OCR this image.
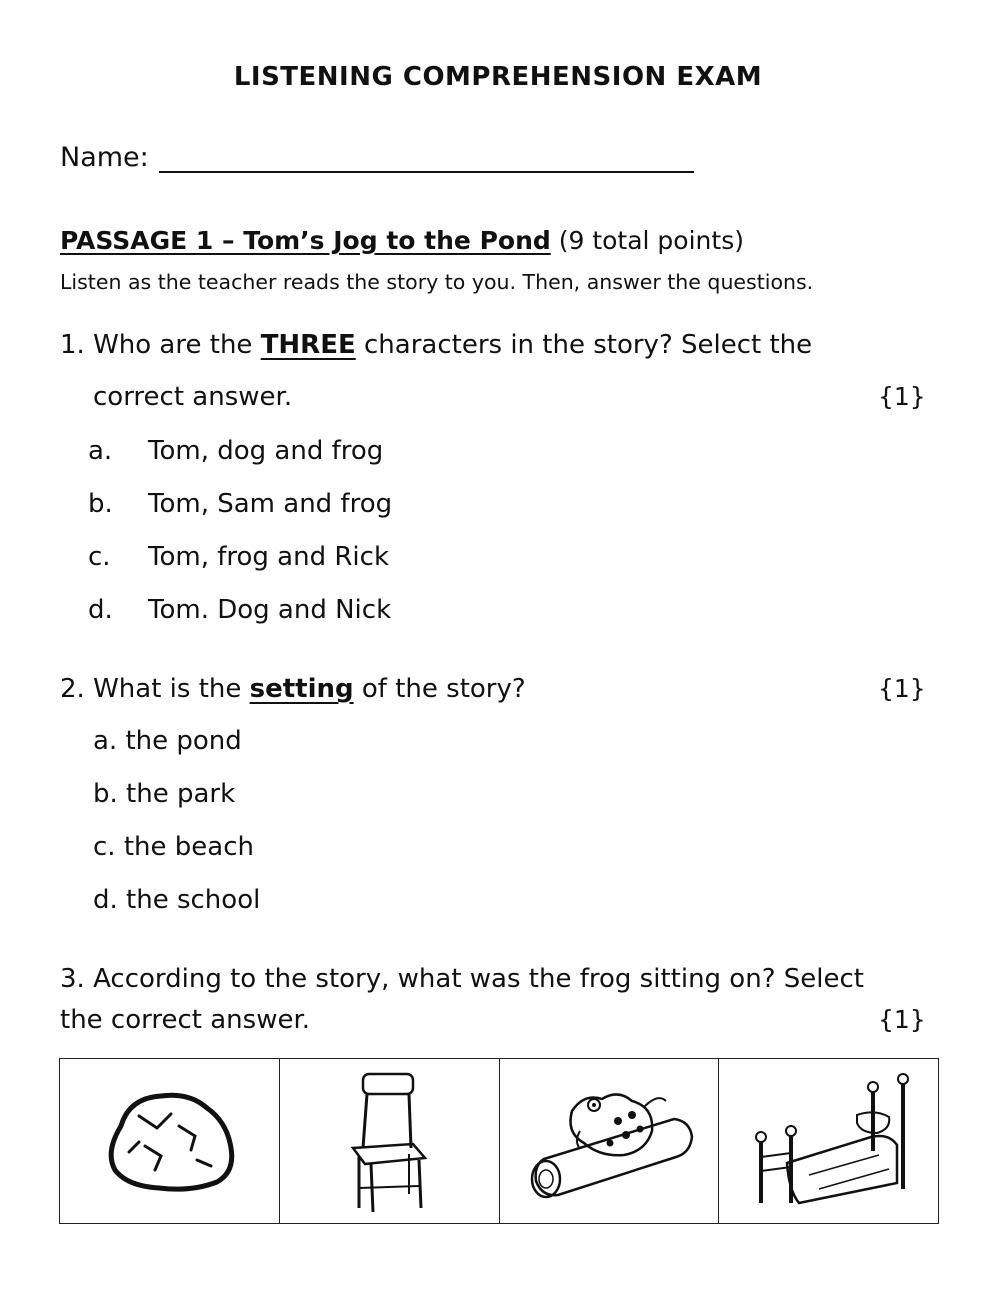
LISTENING COMPREHENSION EXAM
Name:
PASSAGE 1 – Tom’s Jog to the Pond (9 total points)
Listen as the teacher reads the story to you. Then, answer the questions.
1. Who are the THREE characters in the story? Select the
correct answer.	{1}
a. Tom, dog and frog
b. Tom, Sam and frog
c. Tom, frog and Rick
d. Tom. Dog and Nick
2. What is the setting of the story?	{1}
a. the pond
b. the park
c. the beach
d. the school
3. According to the story, what was the frog sitting on? Select
the correct answer.	{1}
